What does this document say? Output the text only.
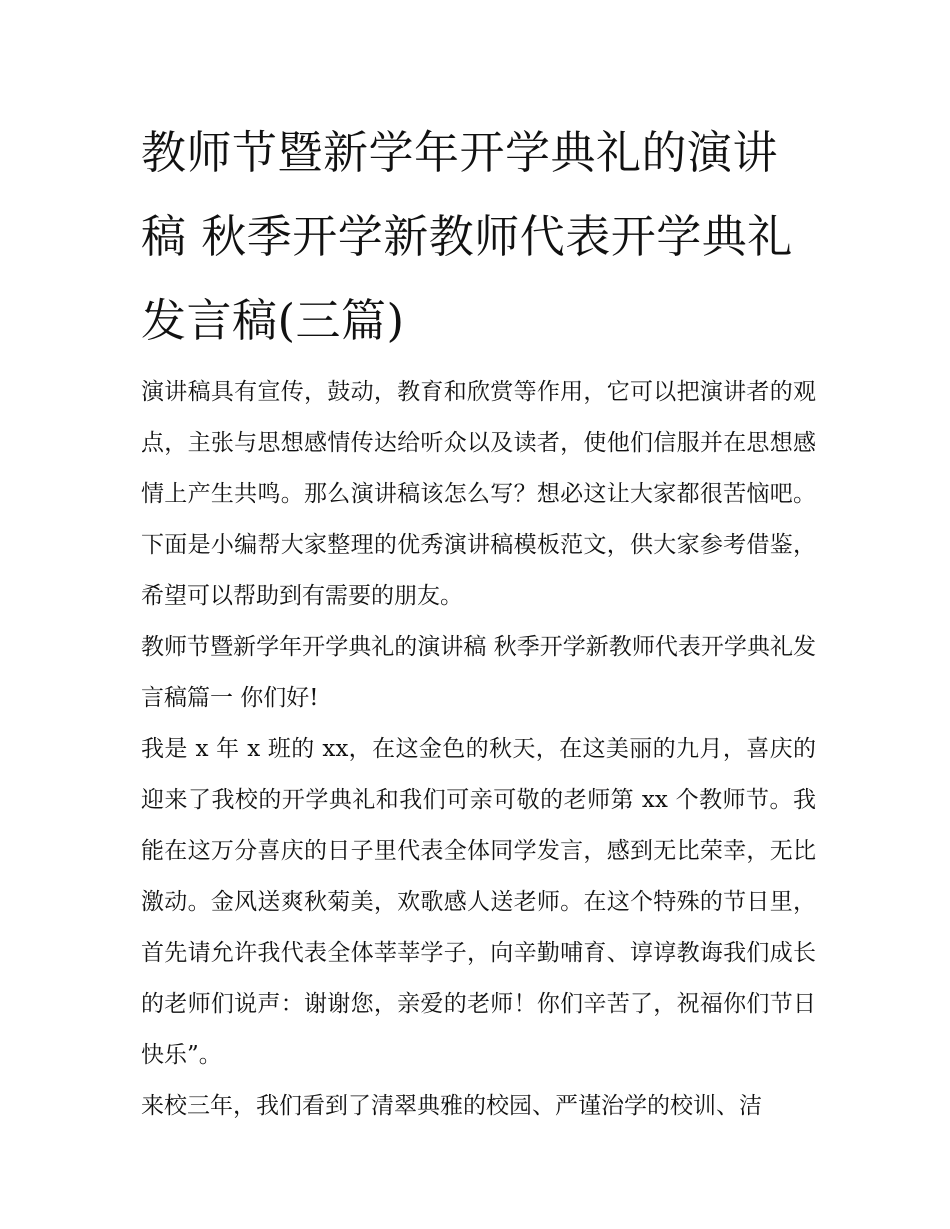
教师节暨新学年开学典礼的演讲稿 秋季开学新教师代表开学典礼发言稿(三篇)

演讲稿具有宣传，鼓动，教育和欣赏等作用，它可以把演讲者的观点，主张与思想感情传达给听众以及读者，使他们信服并在思想感情上产生共鸣。那么演讲稿该怎么写？想必这让大家都很苦恼吧。下面是小编帮大家整理的优秀演讲稿模板范文，供大家参考借鉴，希望可以帮助到有需要的朋友。

教师节暨新学年开学典礼的演讲稿 秋季开学新教师代表开学典礼发言稿篇一 你们好!

我是 x 年 x 班的 xx，在这金色的秋天，在这美丽的九月，喜庆的迎来了我校的开学典礼和我们可亲可敬的老师第 xx 个教师节。我能在这万分喜庆的日子里代表全体同学发言，感到无比荣幸，无比激动。金风送爽秋菊美，欢歌感人送老师。在这个特殊的节日里，首先请允许我代表全体莘莘学子，向辛勤哺育、谆谆教诲我们成长的老师们说声：谢谢您，亲爱的老师！你们辛苦了，祝福你们节日快乐”。

来校三年，我们看到了清翠典雅的校园、严谨治学的校训、洁
